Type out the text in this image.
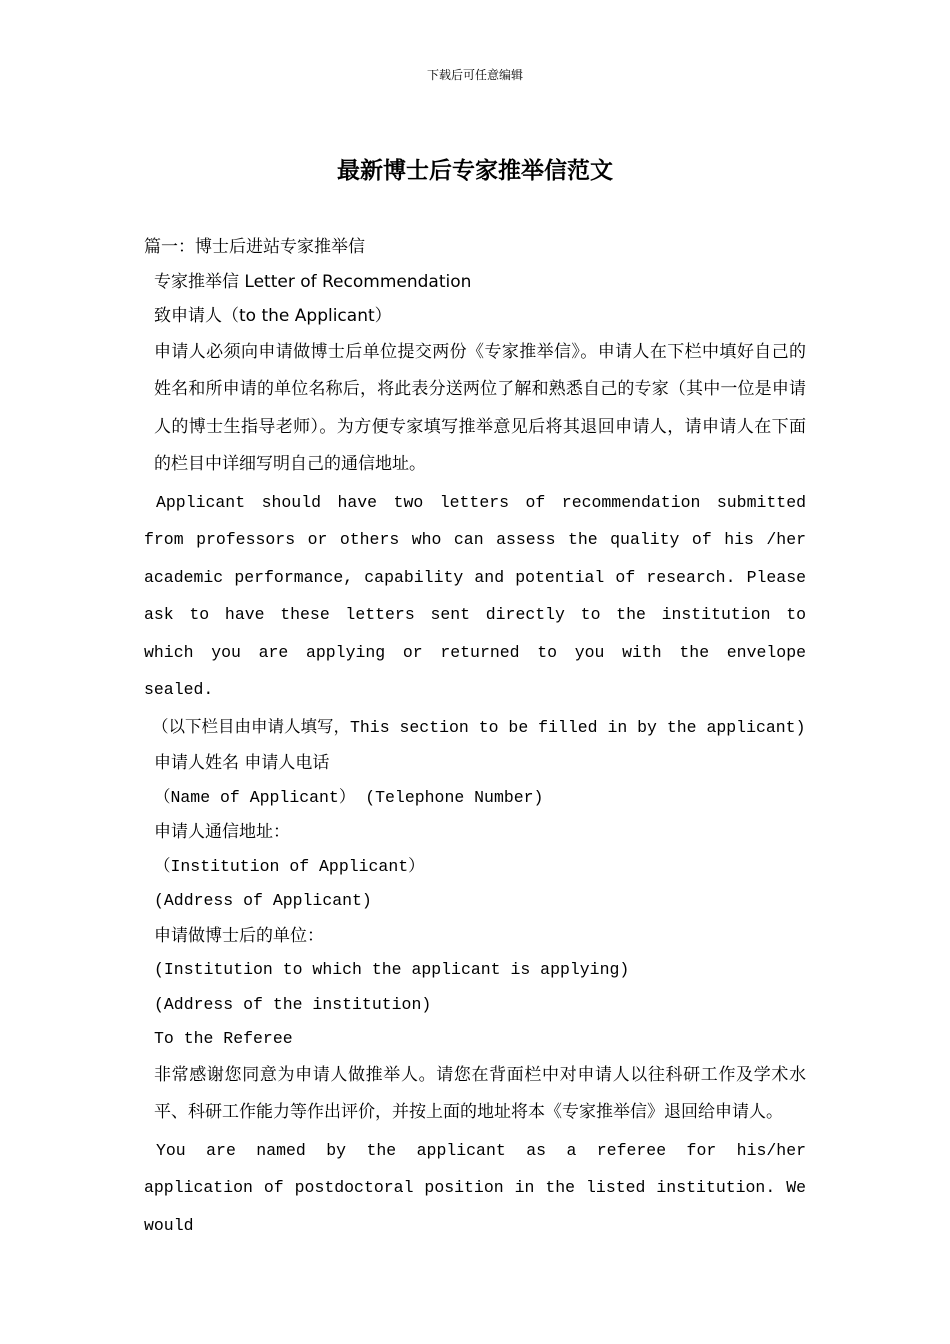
下载后可任意编辑
最新博士后专家推举信范文
篇一：博士后进站专家推举信
专家推举信 Letter of Recommendation
致申请人（to the Applicant）
申请人必须向申请做博士后单位提交两份《专家推举信》。申请人在下栏中填好自己的姓名和所申请的单位名称后，将此表分送两位了解和熟悉自己的专家（其中一位是申请人的博士生指导老师）。为方便专家填写推举意见后将其退回申请人，请申请人在下面的栏目中详细写明自己的通信地址。
Applicant should have two letters of recommendation submitted from professors or others who can assess the quality of his /her academic performance, capability and potential of research. Please ask to have these letters sent directly to the institution to which you are applying or returned to you with the envelope sealed.
（以下栏目由申请人填写，This section to be filled in by the applicant)
申请人姓名 申请人电话
（Name of Applicant） (Telephone Number)
申请人通信地址：
（Institution of Applicant）
(Address of Applicant)
申请做博士后的单位：
(Institution to which the applicant is applying)
(Address of the institution)
To the Referee
非常感谢您同意为申请人做推举人。请您在背面栏中对申请人以往科研工作及学术水平、科研工作能力等作出评价，并按上面的地址将本《专家推举信》退回给申请人。
You are named by the applicant as a referee for his/her application of postdoctoral position in the listed institution. We would
